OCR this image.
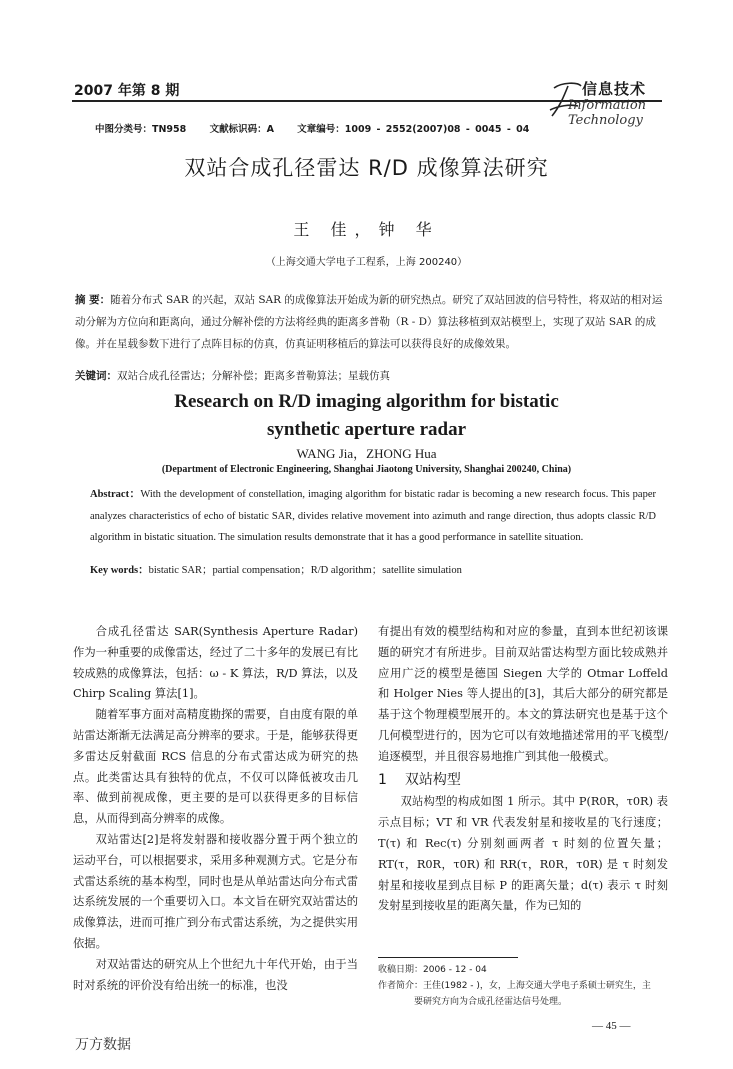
2007 年第 8 期	信息技术
Information Technology
中图分类号：TN958 文献标识码：A 文章编号：1009 - 2552(2007)08 - 0045 - 04
双站合成孔径雷达 R/D 成像算法研究
王 佳，钟 华
（上海交通大学电子工程系，上海 200240）
摘 要：随着分布式 SAR 的兴起，双站 SAR 的成像算法开始成为新的研究热点。研究了双站回波的信号特性，将双站的相对运动分解为方位向和距离向，通过分解补偿的方法将经典的距离多普勒（R - D）算法移植到双站模型上，实现了双站 SAR 的成像。并在星载参数下进行了点阵目标的仿真，仿真证明移植后的算法可以获得良好的成像效果。
关键词：双站合成孔径雷达；分解补偿；距离多普勒算法；星载仿真
Research on R/D imaging algorithm for bistatic
synthetic aperture radar
WANG Jia，ZHONG Hua
(Department of Electronic Engineering, Shanghai Jiaotong University, Shanghai 200240, China)
Abstract：With the development of constellation, imaging algorithm for bistatic radar is becoming a new research focus. This paper analyzes characteristics of echo of bistatic SAR, divides relative movement into azimuth and range direction, thus adopts classic R/D algorithm in bistatic situation. The simulation results demonstrate that it has a good performance in satellite situation.
Key words：bistatic SAR；partial compensation；R/D algorithm；satellite simulation

合成孔径雷达 SAR(Synthesis Aperture Radar)作为一种重要的成像雷达，经过了二十多年的发展已有比较成熟的成像算法，包括：ω - K 算法，R/D 算法，以及 Chirp Scaling 算法[1]。

随着军事方面对高精度勘探的需要，自由度有限的单站雷达渐渐无法满足高分辨率的要求。于是，能够获得更多雷达反射截面 RCS 信息的分布式雷达成为研究的热点。此类雷达具有独特的优点，不仅可以降低被攻击几率、做到前视成像，更主要的是可以获得更多的目标信息，从而得到高分辨率的成像。

双站雷达[2]是将发射器和接收器分置于两个独立的运动平台，可以根据要求，采用多种观测方式。它是分布式雷达系统的基本构型，同时也是从单站雷达向分布式雷达系统发展的一个重要切入口。本文旨在研究双站雷达的成像算法，进而可推广到分布式雷达系统，为之提供实用依据。

对双站雷达的研究从上个世纪九十年代开始，由于当时对系统的评价没有给出统一的标准，也没

有提出有效的模型结构和对应的参量，直到本世纪初该课题的研究才有所进步。目前双站雷达构型方面比较成熟并应用广泛的模型是德国 Siegen 大学的 Otmar Loffeld 和 Holger Nies 等人提出的[3]，其后大部分的研究都是基于这个物理模型展开的。本文的算法研究也是基于这个几何模型进行的，因为它可以有效地描述常用的平飞模型/追逐模型，并且很容易地推广到其他一般模式。

1 双站构型

双站构型的构成如图 1 所示。其中 P(R0R，τ0R) 表示点目标；VT 和 VR 代表发射星和接收星的飞行速度；T(τ) 和 Rec(τ) 分别刻画两者 τ 时刻的位置矢量；RT(τ，R0R，τ0R) 和 RR(τ，R0R，τ0R) 是 τ 时刻发射星和接收星到点目标 P 的距离矢量；d(τ) 表示 τ 时刻发射星到接收星的距离矢量，作为已知的

收稿日期：2006 - 12 - 04
作者简介：王佳(1982 - )，女，上海交通大学电子系硕士研究生，主
要研究方向为合成孔径雷达信号处理。
— 45 —
万方数据
